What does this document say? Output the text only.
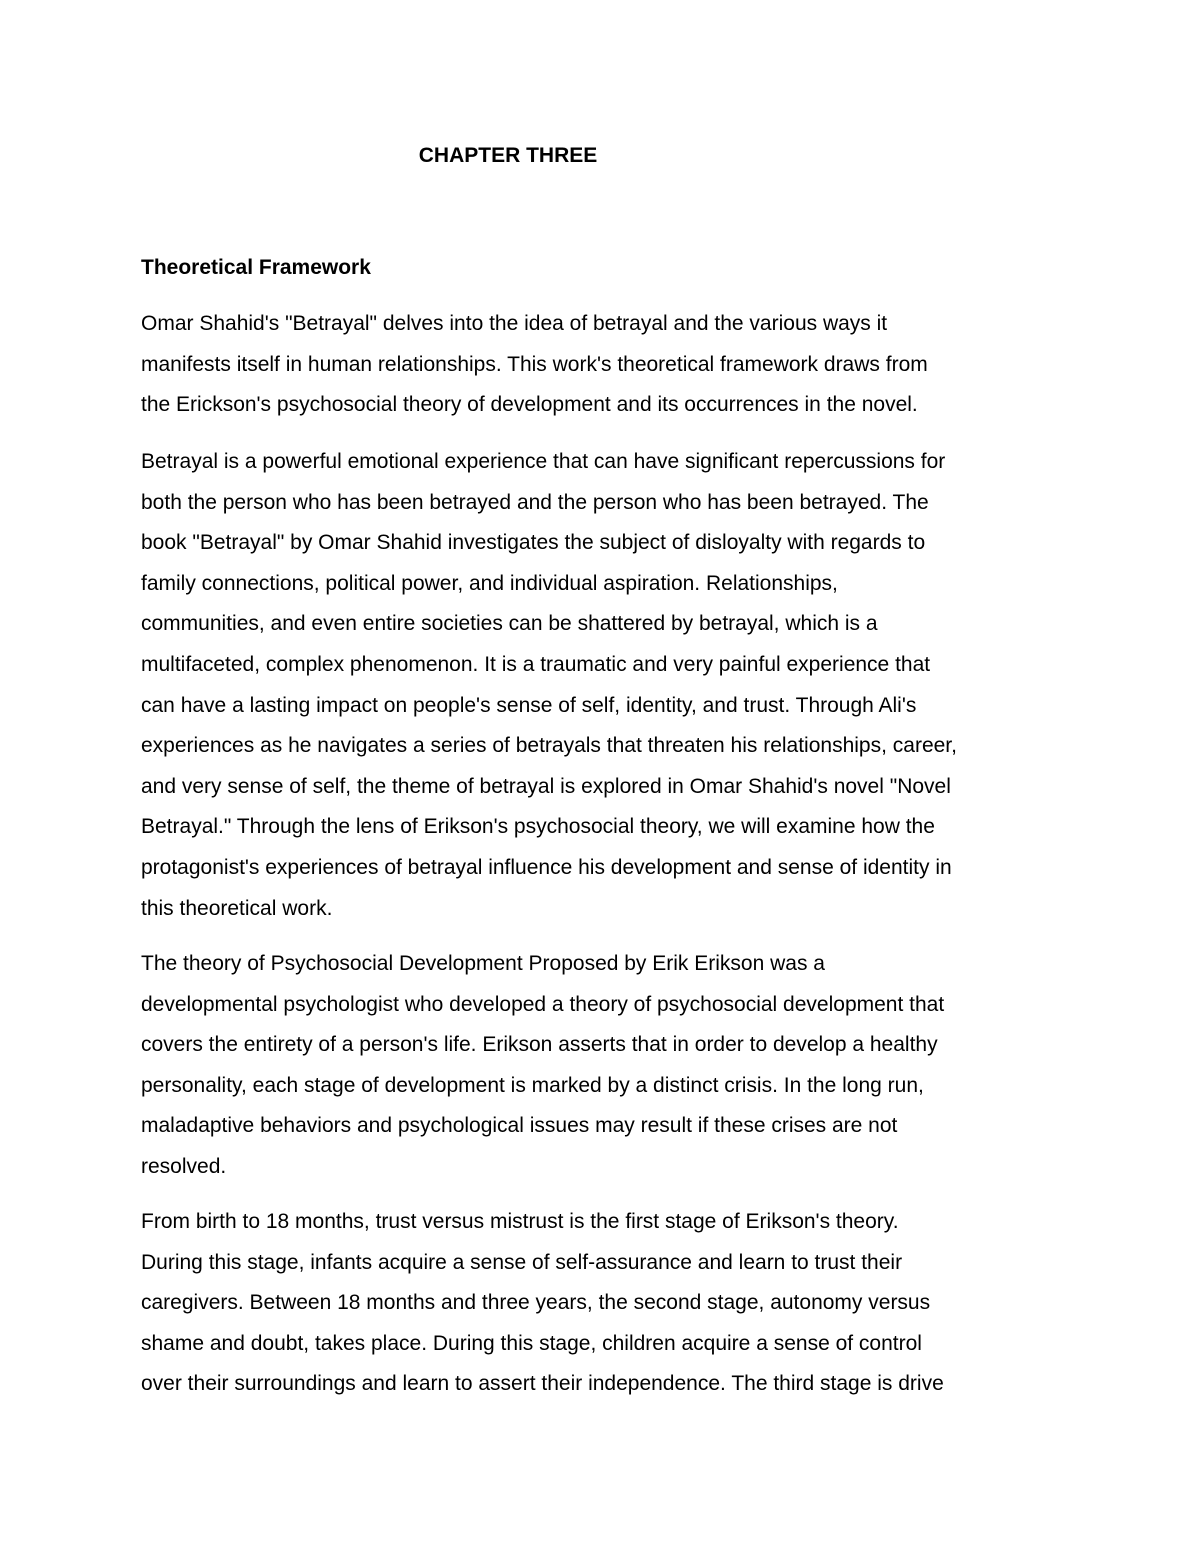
CHAPTER THREE
Theoretical Framework

Omar Shahid's "Betrayal" delves into the idea of betrayal and the various ways it
manifests itself in human relationships. This work's theoretical framework draws from
the Erickson's psychosocial theory of development and its occurrences in the novel.

Betrayal is a powerful emotional experience that can have significant repercussions for
both the person who has been betrayed and the person who has been betrayed. The
book "Betrayal" by Omar Shahid investigates the subject of disloyalty with regards to
family connections, political power, and individual aspiration. Relationships,
communities, and even entire societies can be shattered by betrayal, which is a
multifaceted, complex phenomenon. It is a traumatic and very painful experience that
can have a lasting impact on people's sense of self, identity, and trust. Through Ali's
experiences as he navigates a series of betrayals that threaten his relationships, career,
and very sense of self, the theme of betrayal is explored in Omar Shahid's novel "Novel
Betrayal." Through the lens of Erikson's psychosocial theory, we will examine how the
protagonist's experiences of betrayal influence his development and sense of identity in
this theoretical work.

The theory of Psychosocial Development Proposed by Erik Erikson was a
developmental psychologist who developed a theory of psychosocial development that
covers the entirety of a person's life. Erikson asserts that in order to develop a healthy
personality, each stage of development is marked by a distinct crisis. In the long run,
maladaptive behaviors and psychological issues may result if these crises are not
resolved.

From birth to 18 months, trust versus mistrust is the first stage of Erikson's theory.
During this stage, infants acquire a sense of self-assurance and learn to trust their
caregivers. Between 18 months and three years, the second stage, autonomy versus
shame and doubt, takes place. During this stage, children acquire a sense of control
over their surroundings and learn to assert their independence. The third stage is drive
